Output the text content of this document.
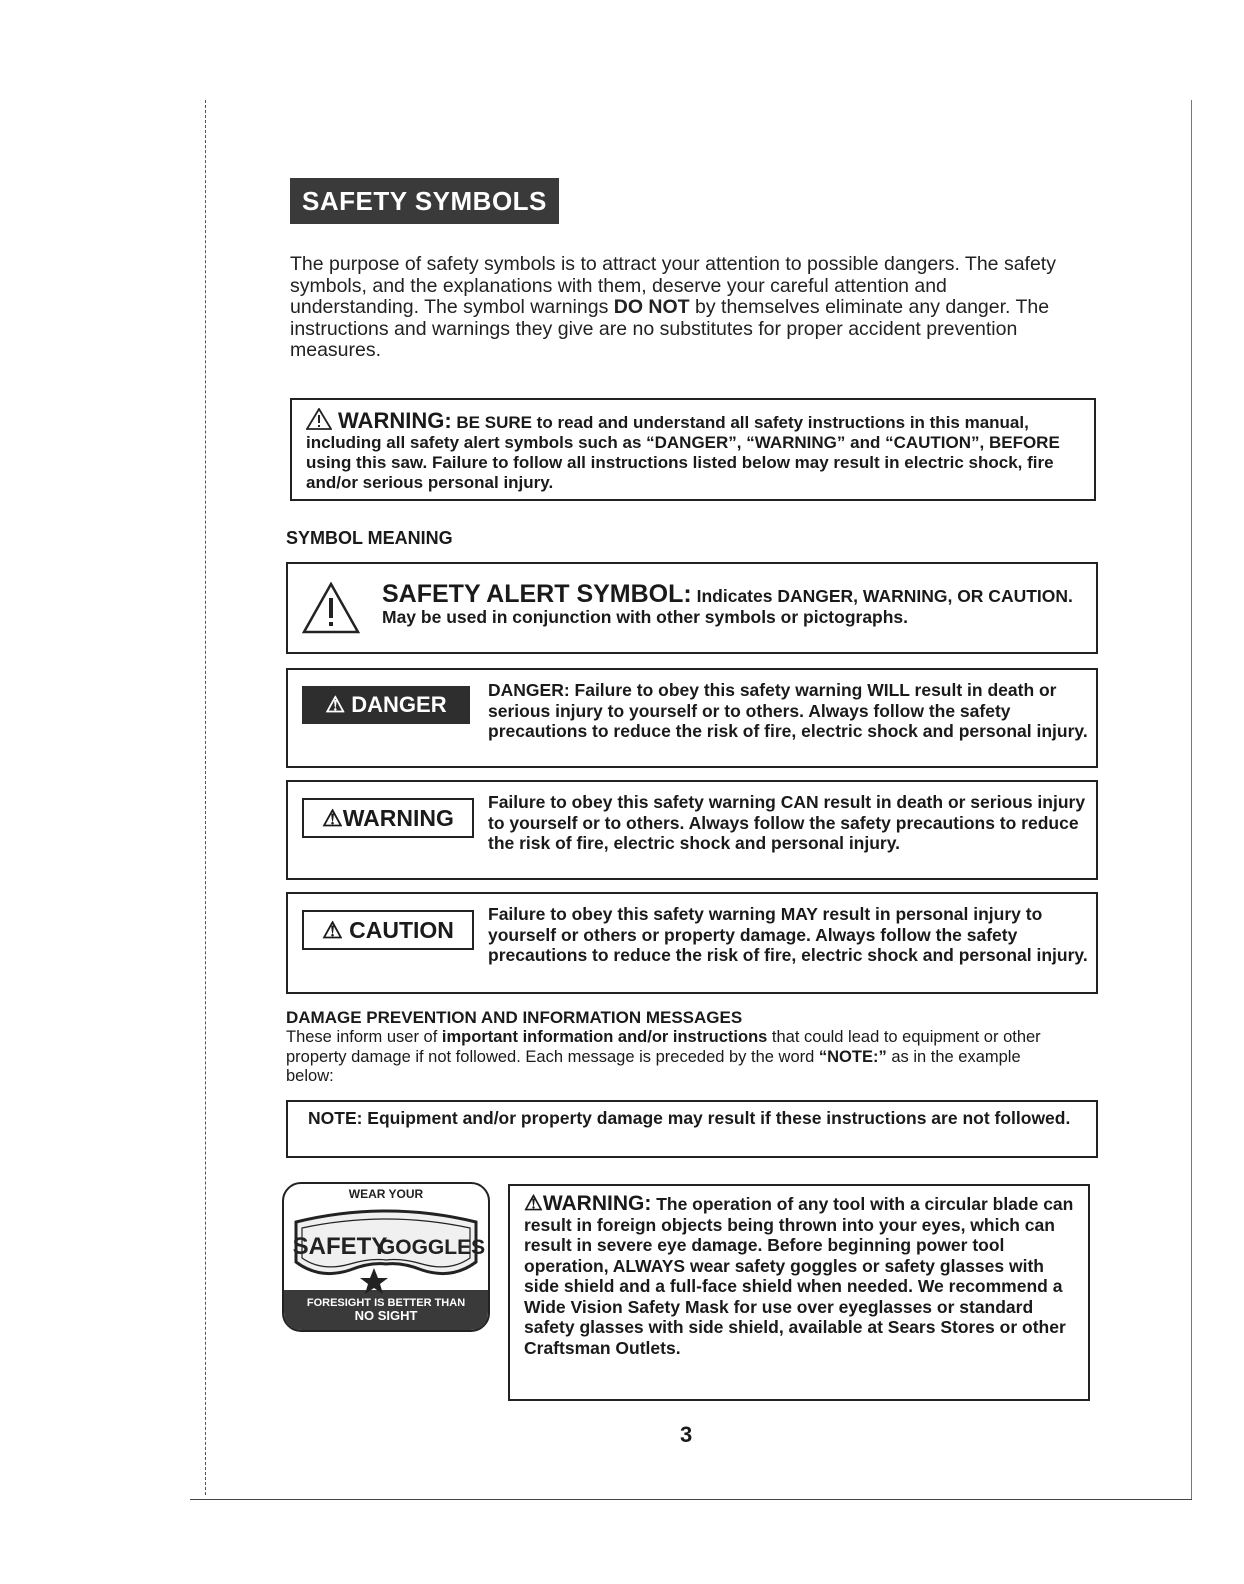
SAFETY SYMBOLS
The purpose of safety symbols is to attract your attention to possible dangers. The safety symbols, and the explanations with them, deserve your careful attention and understanding. The symbol warnings DO NOT by themselves eliminate any danger. The instructions and warnings they give are no substitutes for proper accident prevention measures.

WARNING: BE SURE to read and understand all safety instructions in this manual, including all safety alert symbols such as “DANGER”, “WARNING” and “CAUTION”, BEFORE using this saw. Failure to follow all instructions listed below may result in electric shock, fire and/or serious personal injury.

SYMBOL MEANING
SAFETY ALERT SYMBOL: Indicates DANGER, WARNING, OR CAUTION. May be used in conjunction with other symbols or pictographs.
⚠ DANGER
DANGER: Failure to obey this safety warning WILL result in death or serious injury to yourself or to others. Always follow the safety precautions to reduce the risk of fire, electric shock and personal injury.
⚠WARNING
Failure to obey this safety warning CAN result in death or serious injury to yourself or to others. Always follow the safety precautions to reduce the risk of fire, electric shock and personal injury.
⚠ CAUTION
Failure to obey this safety warning MAY result in personal injury to yourself or others or property damage. Always follow the safety precautions to reduce the risk of fire, electric shock and personal injury.
DAMAGE PREVENTION AND INFORMATION MESSAGES
These inform user of important information and/or instructions that could lead to equipment or other property damage if not followed. Each message is preceded by the word “NOTE:” as in the example below:
NOTE: Equipment and/or property damage may result if these instructions are not followed.
WEAR YOUR
SAFETY
GOGGLES
FORESIGHT IS BETTER THAN
NO SIGHT
⚠WARNING: The operation of any tool with a circular blade can result in foreign objects being thrown into your eyes, which can result in severe eye damage. Before beginning power tool operation, ALWAYS wear safety goggles or safety glasses with side shield and a full-face shield when needed. We recommend a Wide Vision Safety Mask for use over eyeglasses or standard safety glasses with side shield, available at Sears Stores or other Craftsman Outlets.
3
